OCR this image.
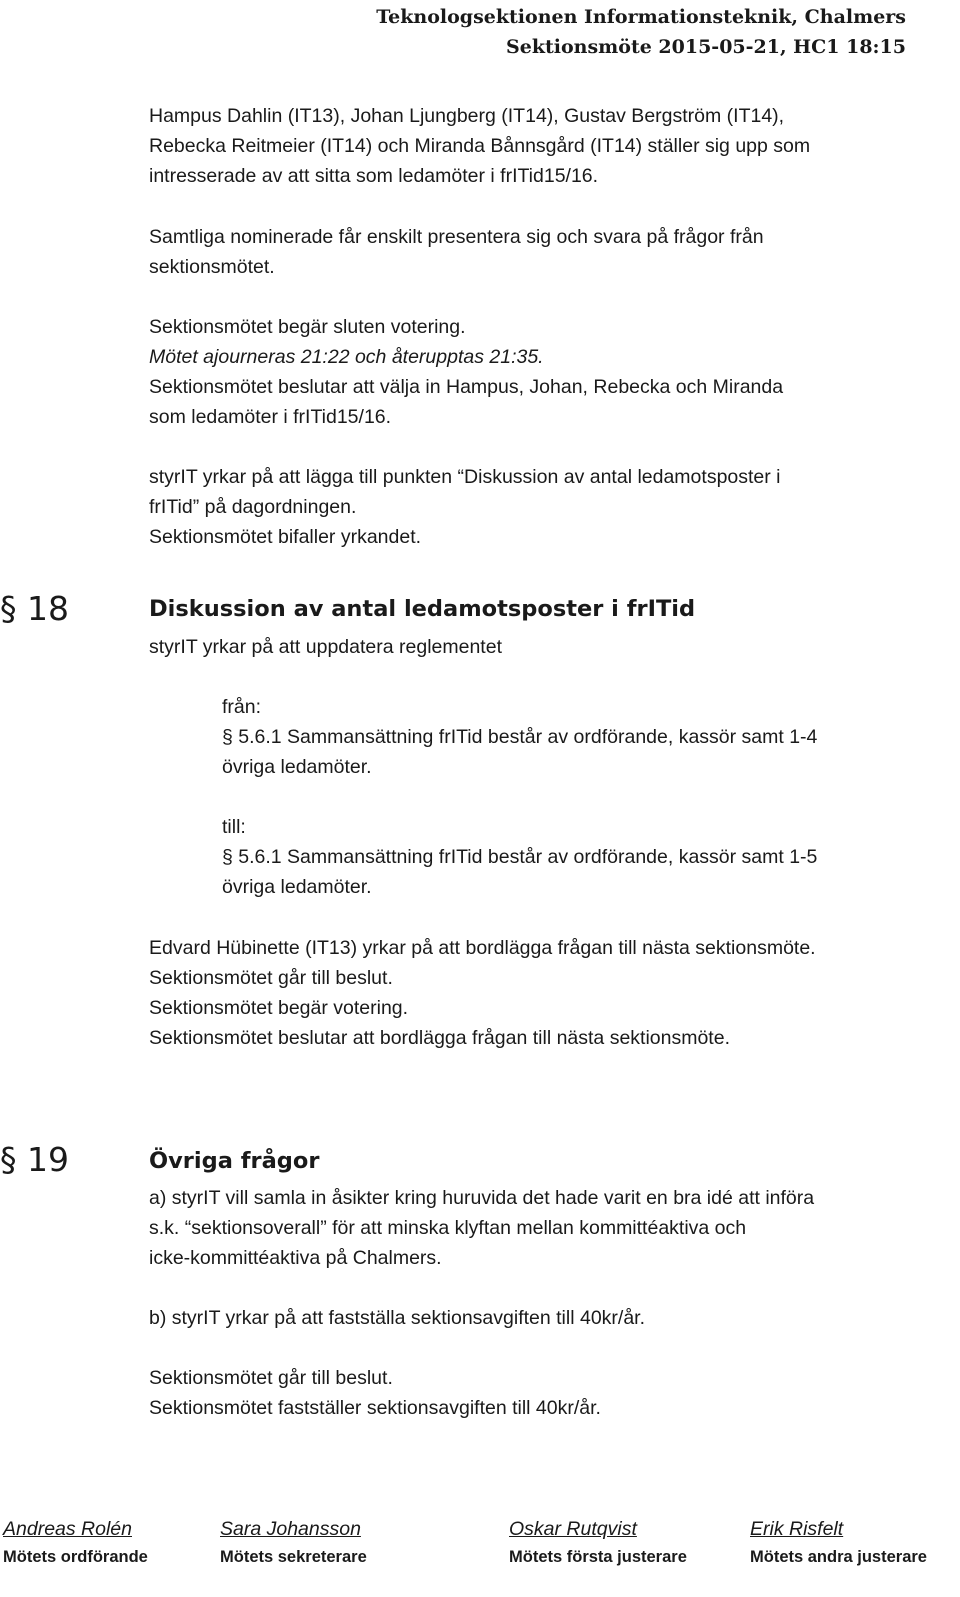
Teknologsektionen Informationsteknik, Chalmers
Sektionsmöte 2015-05-21, HC1 18:15

Hampus Dahlin (IT13), Johan Ljungberg (IT14), Gustav Bergström (IT14),

Rebecka Reitmeier (IT14) och Miranda Bånnsgård (IT14) ställer sig upp som

intresserade av att sitta som ledamöter i frITid15/16.

Samtliga nominerade får enskilt presentera sig och svara på frågor från

sektionsmötet.

Sektionsmötet begär sluten votering.

Mötet ajourneras 21:22 och återupptas 21:35.

Sektionsmötet beslutar att välja in Hampus, Johan, Rebecka och Miranda

som ledamöter i frITid15/16.

styrIT yrkar på att lägga till punkten “Diskussion av antal ledamotsposter i

frITid” på dagordningen.

Sektionsmötet bifaller yrkandet.

§ 18	Diskussion av antal ledamotsposter i frITid

styrIT yrkar på att uppdatera reglementet

från:

§ 5.6.1 Sammansättning frITid består av ordförande, kassör samt 1-4

övriga ledamöter.

till:

§ 5.6.1 Sammansättning frITid består av ordförande, kassör samt 1-5

övriga ledamöter.

Edvard Hübinette (IT13) yrkar på att bordlägga frågan till nästa sektionsmöte.

Sektionsmötet går till beslut.

Sektionsmötet begär votering.

Sektionsmötet beslutar att bordlägga frågan till nästa sektionsmöte.

§ 19	Övriga frågor

a) styrIT vill samla in åsikter kring huruvida det hade varit en bra idé att införa

s.k. “sektionsoverall” för att minska klyftan mellan kommittéaktiva och

icke-kommittéaktiva på Chalmers.

b) styrIT yrkar på att fastställa sektionsavgiften till 40kr/år.

Sektionsmötet går till beslut.

Sektionsmötet fastställer sektionsavgiften till 40kr/år.

Andreas Rolén
Mötets ordförande
Sara Johansson
Mötets sekreterare
Oskar Rutqvist
Mötets första justerare
Erik Risfelt
Mötets andra justerare
